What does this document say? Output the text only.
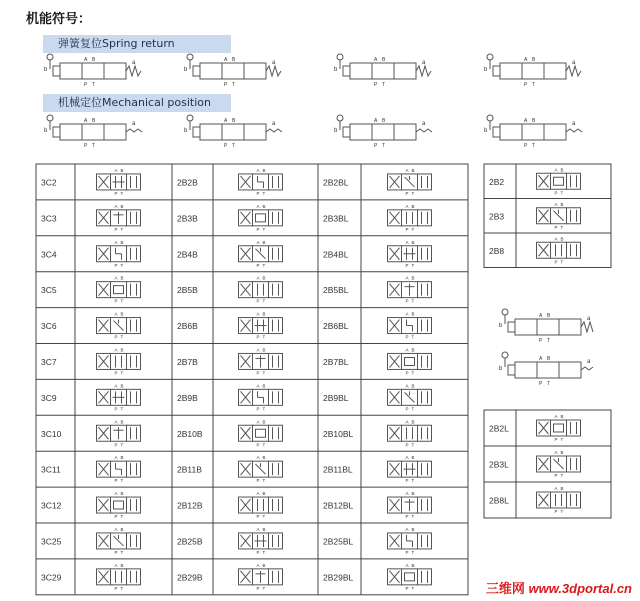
机能符号：
弹簧复位Spring return
机械定位Mechanical position
A B
P T
a
b
A B
P T
a
b
A B
P T
a
b
A B
P T
a
b
A B
P T
a
b
A B
P T
a
b
A B
P T
a
b
A B
P T
a
b
3C2
A B
P T
2B2B
A B
P T
2B2BL
A B
P T
3C3
A B
P T
2B3B
A B
P T
2B3BL
A B
P T
3C4
A B
P T
2B4B
A B
P T
2B4BL
A B
P T
3C5
A B
P T
2B5B
A B
P T
2B5BL
A B
P T
3C6
A B
P T
2B6B
A B
P T
2B6BL
A B
P T
3C7
A B
P T
2B7B
A B
P T
2B7BL
A B
P T
3C9
A B
P T
2B9B
A B
P T
2B9BL
A B
P T
3C10
A B
P T
2B10B
A B
P T
2B10BL
A B
P T
3C11
A B
P T
2B11B
A B
P T
2B11BL
A B
P T
3C12
A B
P T
2B12B
A B
P T
2B12BL
A B
P T
3C25
A B
P T
2B25B
A B
P T
2B25BL
A B
P T
3C29
A B
P T
2B29B
A B
P T
2B29BL
A B
P T
2B2
A B
P T
2B3
A B
P T
2B8
A B
P T
2B2L
A B
P T
2B3L
A B
P T
2B8L
A B
P T
A B
P T
a
b
A B
P T
a
b
三维网 www.3dportal.cn
